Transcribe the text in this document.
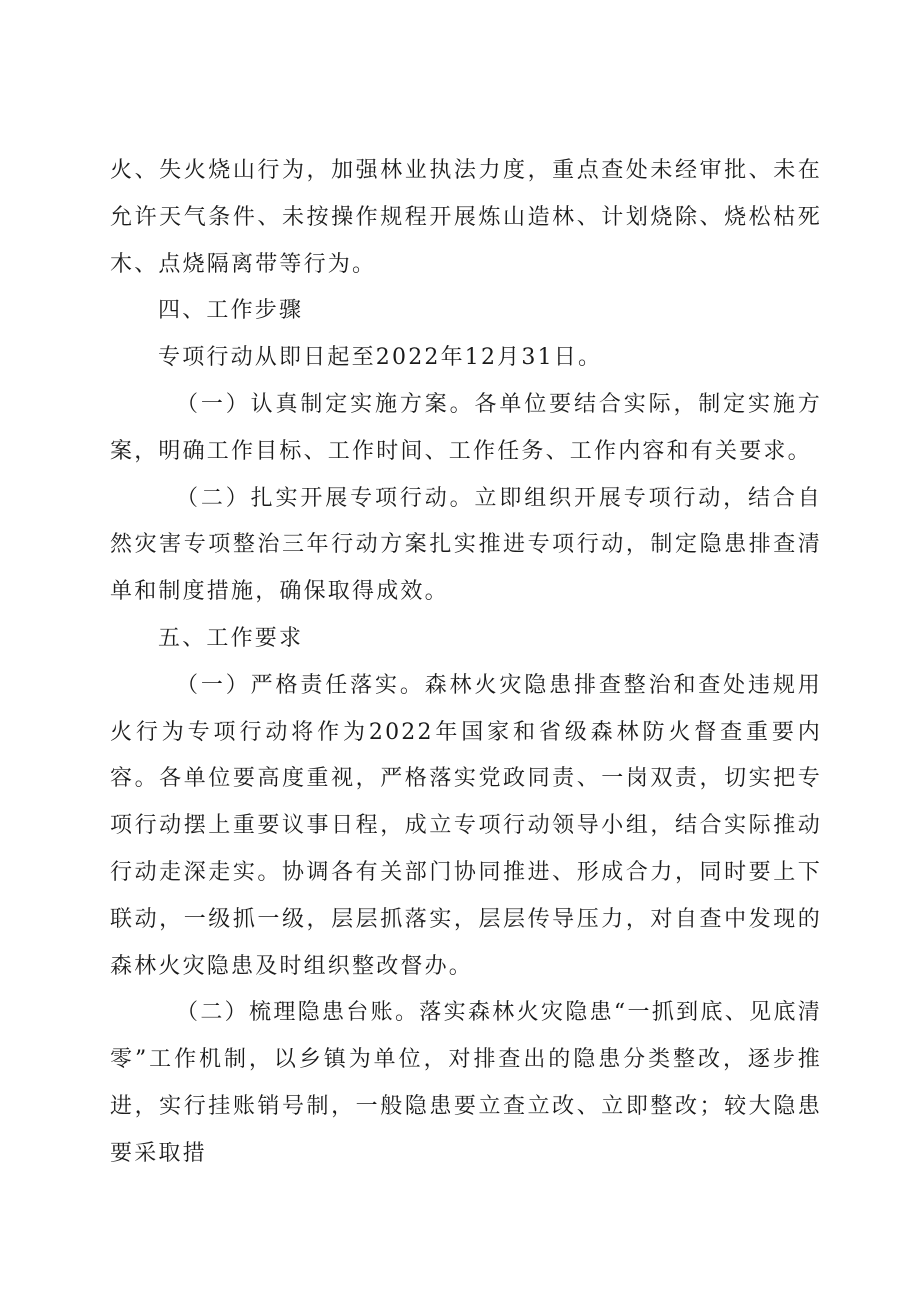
火、失火烧山行为，加强林业执法力度，重点查处未经审批、未在允许天气条件、未按操作规程开展炼山造林、计划烧除、烧松枯死木、点烧隔离带等行为。

四、工作步骤

专项行动从即日起至2022年12月31日。

（一）认真制定实施方案。各单位要结合实际，制定实施方案，明确工作目标、工作时间、工作任务、工作内容和有关要求。

（二）扎实开展专项行动。立即组织开展专项行动，结合自然灾害专项整治三年行动方案扎实推进专项行动，制定隐患排查清单和制度措施，确保取得成效。

五、工作要求

（一）严格责任落实。森林火灾隐患排查整治和查处违规用火行为专项行动将作为2022年国家和省级森林防火督查重要内容。各单位要高度重视，严格落实党政同责、一岗双责，切实把专项行动摆上重要议事日程，成立专项行动领导小组，结合实际推动行动走深走实。协调各有关部门协同推进、形成合力，同时要上下联动，一级抓一级，层层抓落实，层层传导压力，对自查中发现的森林火灾隐患及时组织整改督办。

（二）梳理隐患台账。落实森林火灾隐患“一抓到底、见底清零”工作机制，以乡镇为单位，对排查出的隐患分类整改，逐步推进，实行挂账销号制，一般隐患要立查立改、立即整改；较大隐患要采取措
